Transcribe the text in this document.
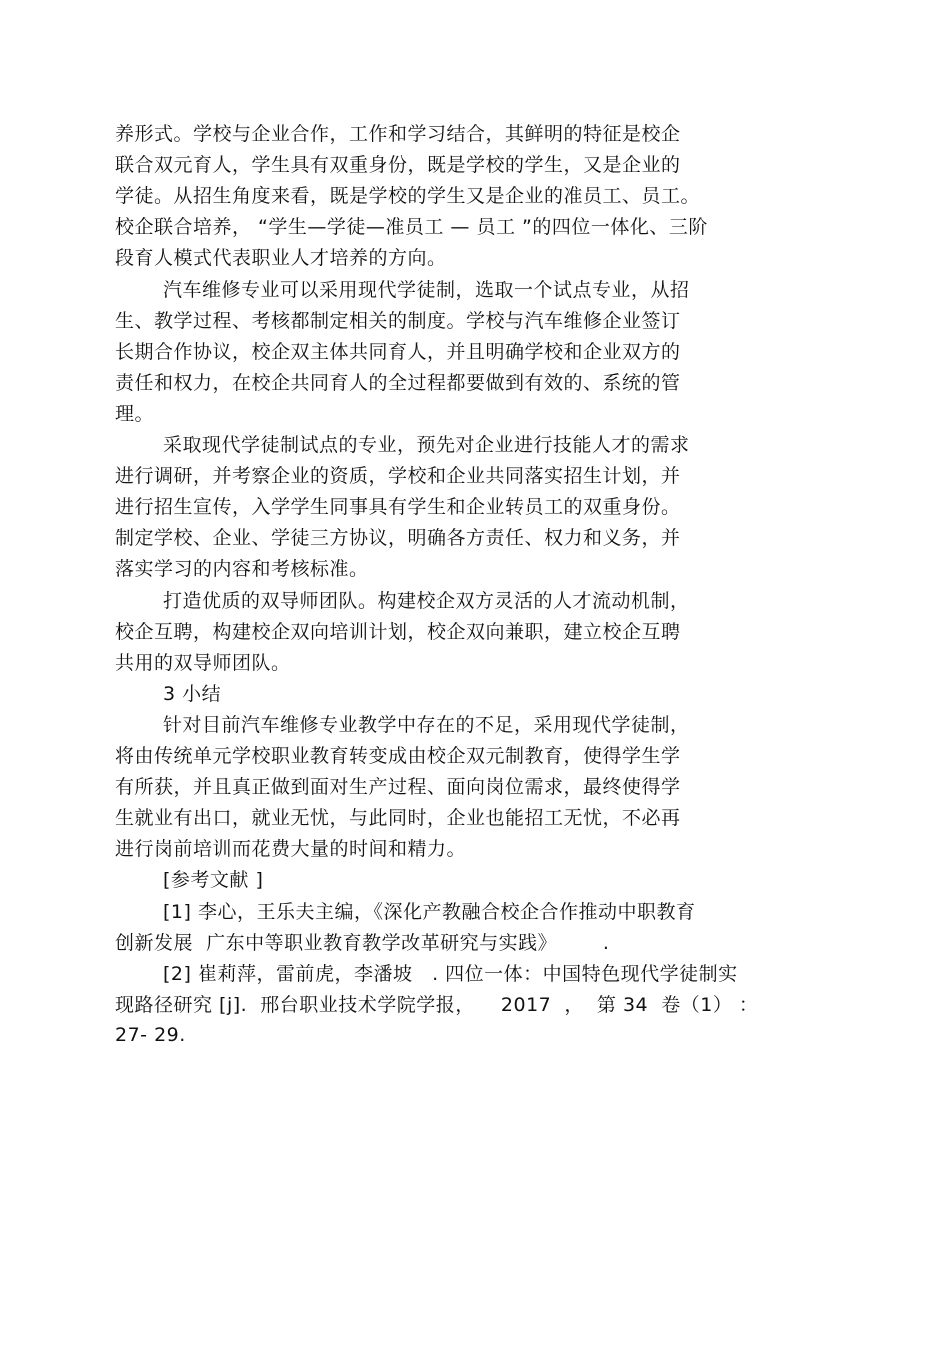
养形式。学校与企业合作，工作和学习结合，其鲜明的特征是校企
联合双元育人，学生具有双重身份，既是学校的学生，又是企业的
学徒。从招生角度来看，既是学校的学生又是企业的准员工、员工。
校企联合培养， “学生—学徒—准员工 — 员工 ”的四位一体化、三阶
段育人模式代表职业人才培养的方向。
汽车维修专业可以采用现代学徒制，选取一个试点专业，从招
生、教学过程、考核都制定相关的制度。学校与汽车维修企业签订
长期合作协议，校企双主体共同育人，并且明确学校和企业双方的
责任和权力，在校企共同育人的全过程都要做到有效的、系统的管
理。
采取现代学徒制试点的专业，预先对企业进行技能人才的需求
进行调研，并考察企业的资质，学校和企业共同落实招生计划，并
进行招生宣传，入学学生同事具有学生和企业转员工的双重身份。
制定学校、企业、学徒三方协议，明确各方责任、权力和义务，并
落实学习的内容和考核标准。
打造优质的双导师团队。构建校企双方灵活的人才流动机制，
校企互聘，构建校企双向培训计划，校企双向兼职，建立校企互聘
共用的双导师团队。
3 小结
针对目前汽车维修专业教学中存在的不足，采用现代学徒制，
将由传统单元学校职业教育转变成由校企双元制教育，使得学生学
有所获，并且真正做到面对生产过程、面向岗位需求，最终使得学
生就业有出口，就业无忧，与此同时，企业也能招工无忧，不必再
进行岗前培训而花费大量的时间和精力。
[参考文献 ]
[1] 李心，王乐夫主编，《深化产教融合校企合作推动中职教育
创新发展  广东中等职业教育教学改革研究与实践》       .
[2] 崔莉萍，雷前虎，李潘坡   . 四位一体：中国特色现代学徒制实
现路径研究 [j].  邢台职业技术学院学报，    2017  ，  第 34  卷（1） ：
27- 29.
